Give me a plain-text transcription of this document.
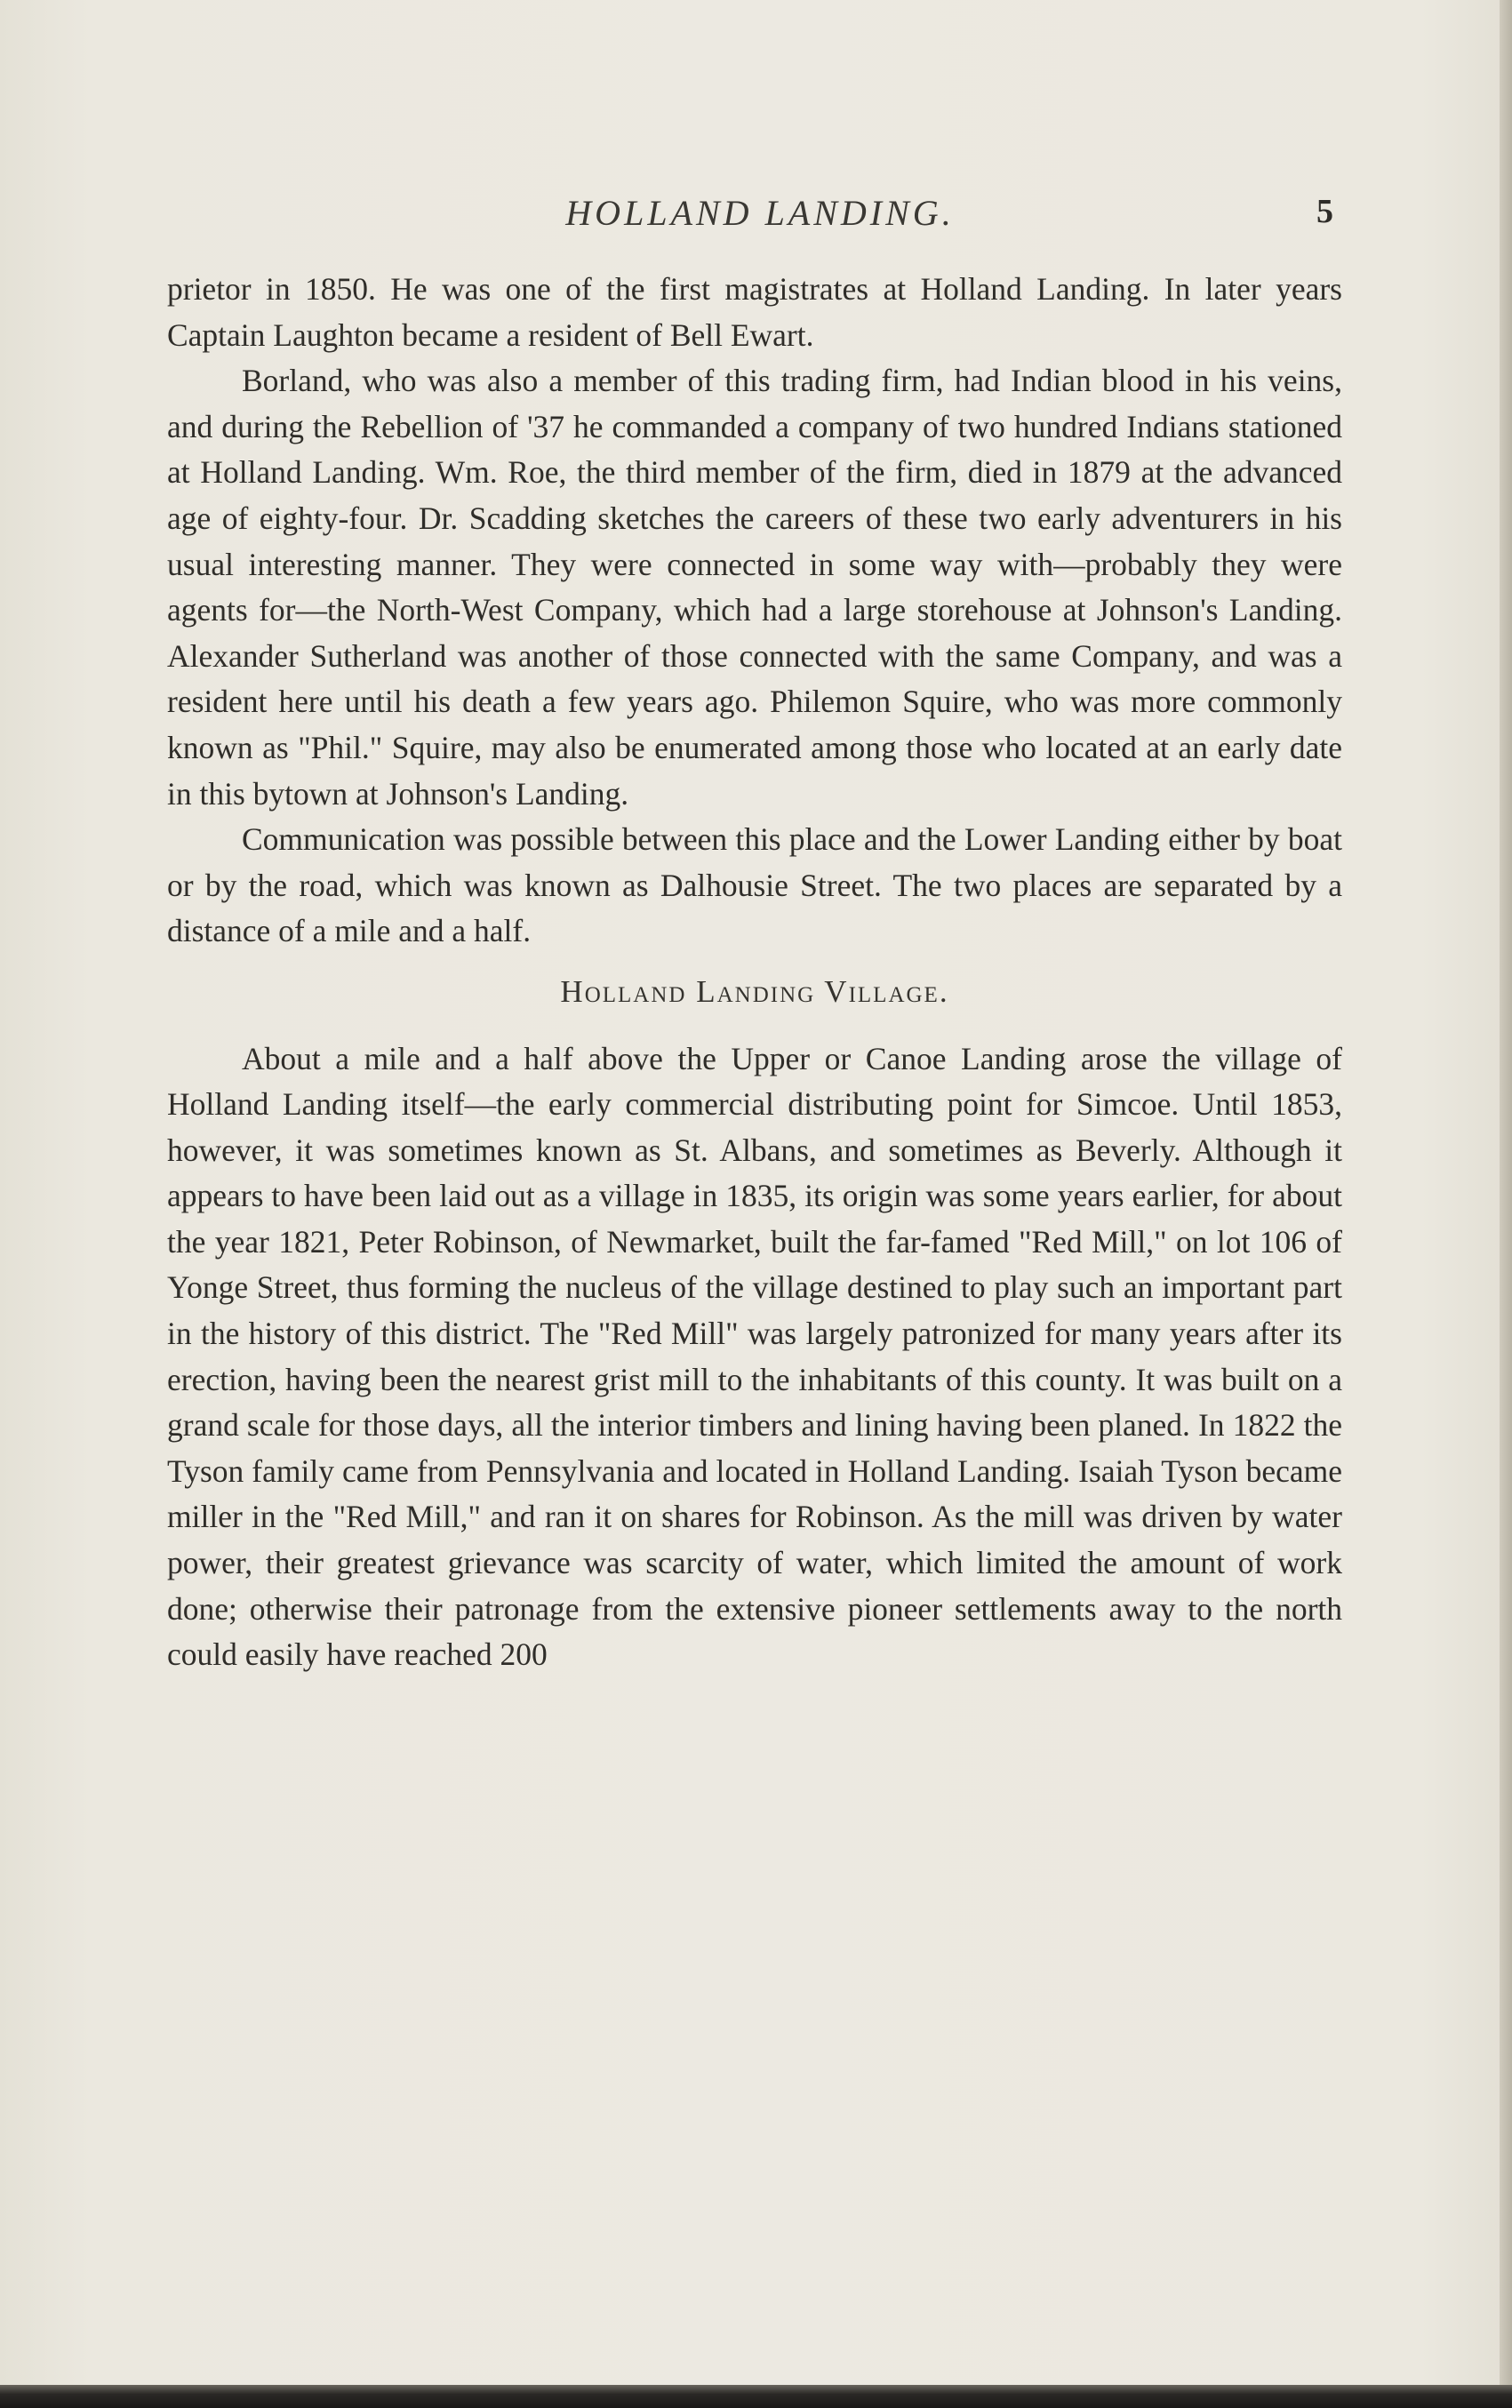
HOLLAND LANDING.	5

prietor in 1850. He was one of the first magistrates at Holland Landing. In later years Captain Laughton became a resident of Bell Ewart.

Borland, who was also a member of this trading firm, had Indian blood in his veins, and during the Rebellion of '37 he commanded a company of two hundred Indians stationed at Holland Landing. Wm. Roe, the third member of the firm, died in 1879 at the advanced age of eighty-four. Dr. Scadding sketches the careers of these two early adventurers in his usual interesting manner. They were connected in some way with—probably they were agents for—the North-West Company, which had a large storehouse at Johnson's Landing. Alexander Sutherland was another of those connected with the same Company, and was a resident here until his death a few years ago. Philemon Squire, who was more commonly known as "Phil." Squire, may also be enumerated among those who located at an early date in this bytown at Johnson's Landing.

Communication was possible between this place and the Lower Landing either by boat or by the road, which was known as Dalhousie Street. The two places are separated by a distance of a mile and a half.

Holland Landing Village.

About a mile and a half above the Upper or Canoe Landing arose the village of Holland Landing itself—the early commercial distributing point for Simcoe. Until 1853, however, it was sometimes known as St. Albans, and sometimes as Beverly. Although it appears to have been laid out as a village in 1835, its origin was some years earlier, for about the year 1821, Peter Robinson, of Newmarket, built the far-famed "Red Mill," on lot 106 of Yonge Street, thus forming the nucleus of the village destined to play such an important part in the history of this district. The "Red Mill" was largely patronized for many years after its erection, having been the nearest grist mill to the inhabitants of this county. It was built on a grand scale for those days, all the interior timbers and lining having been planed. In 1822 the Tyson family came from Pennsylvania and located in Holland Landing. Isaiah Tyson became miller in the "Red Mill," and ran it on shares for Robinson. As the mill was driven by water power, their greatest grievance was scarcity of water, which limited the amount of work done; otherwise their patronage from the extensive pioneer settlements away to the north could easily have reached 200
